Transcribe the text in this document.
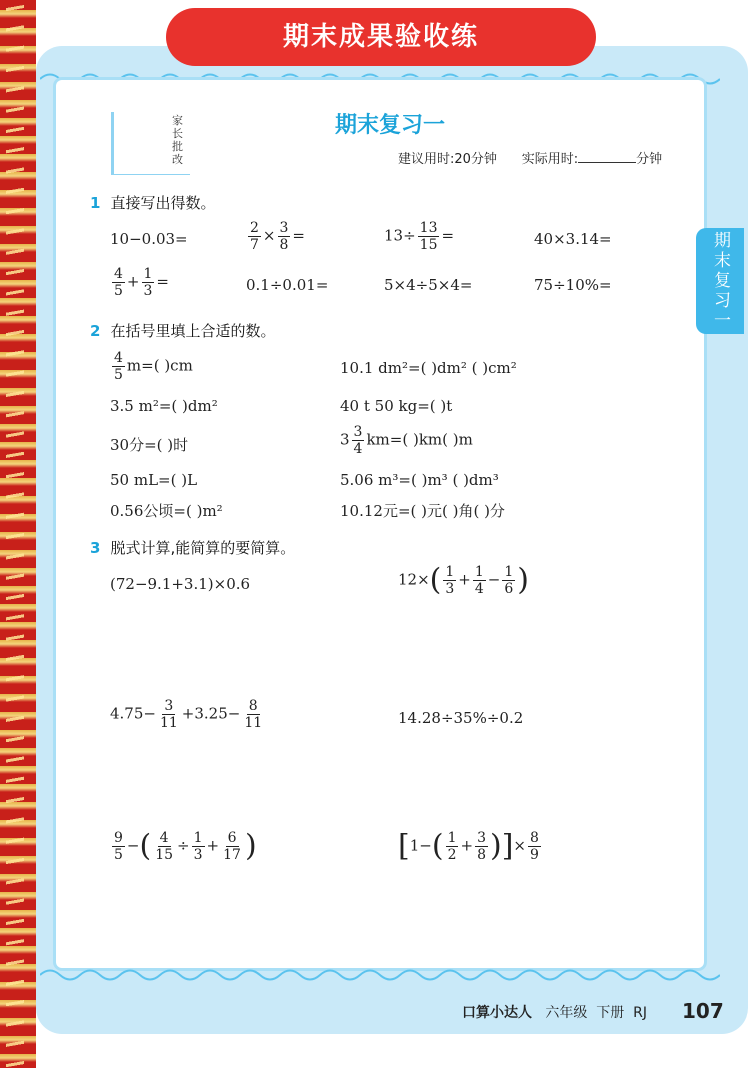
期末成果验收练
家长批改
期末复习一
建议用时:20分钟 实际用时:	分钟
期末复习一
1 直接写出得数。
10−0.03=	$\frac{2}{7} \times \frac{3}{8}$ =	$13\div \frac{13}{15}$ =	40×3.14=
$\frac{4}{5} + \frac{1}{3}$ =	0.1÷0.01=	5×4÷5×4=	75÷10%=
2 在括号里填上合适的数。
$\frac{4}{5} m=$( )cm	10.1 dm²=( )dm² ( )cm²
3.5 m²=( )dm²	40 t 50 kg=( )t
30分=( )时	$3 \frac{3}{4} km=$( )km( )m
50 mL=( )L	5.06 m³=( )m³ ( )dm³
0.56公顷=( )m²	10.12元=( )元( )角( )分
3 脱式计算,能简算的要简算。
(72−9.1+3.1)×0.6	$12\times( \frac{1}{3} + \frac{1}{4} - \frac{1}{6}$ )
$4.75- \frac{3}{11} +3.25- \frac{8}{11}$	14.28÷35%÷0.2
$\frac{9}{5}$ −( $\frac{4}{15} \div \frac{1}{3} + \frac{6}{17}$ )	[$1-( \frac{1}{2} + \frac{3}{8}$ )]× $\frac{8}{9}$
口算小达人 六年级 下册 RJ 107
